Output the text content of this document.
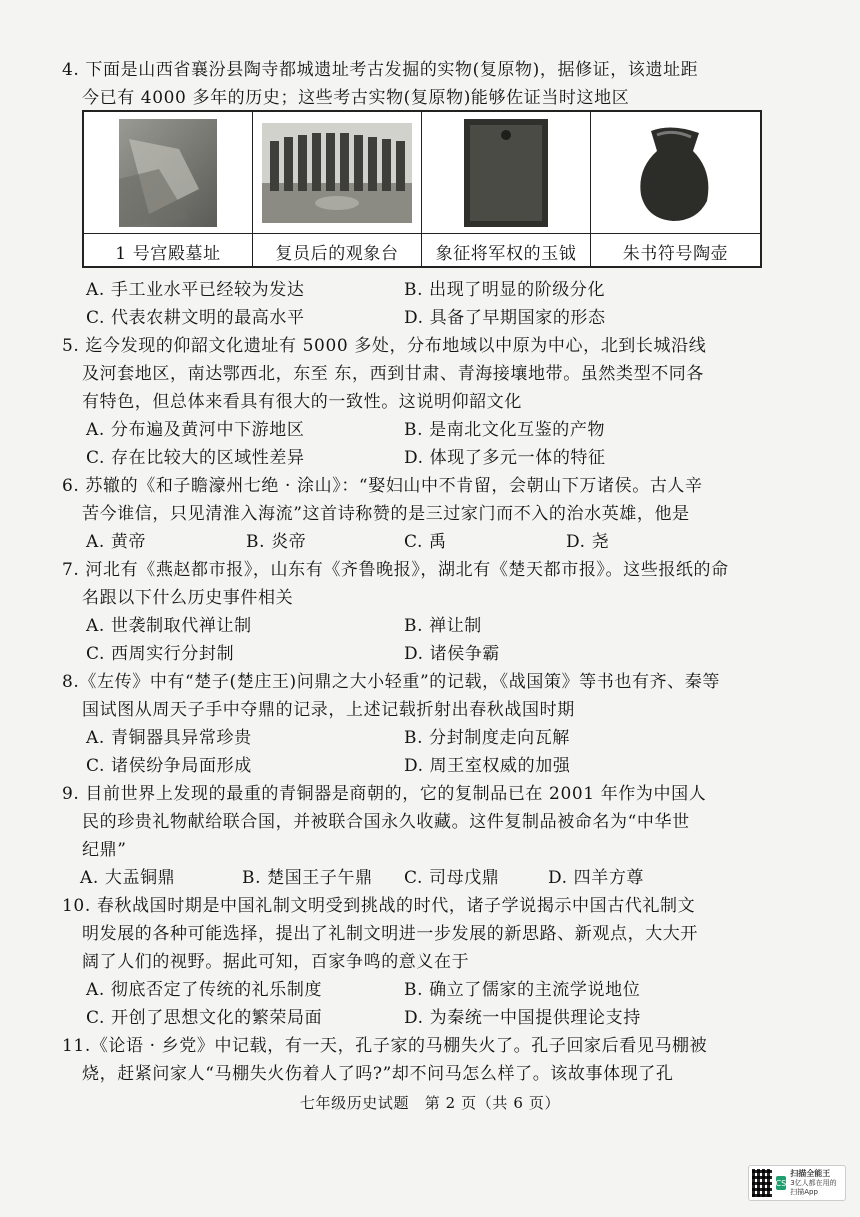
4. 下面是山西省襄汾县陶寺都城遗址考古发掘的实物(复原物)，据修证，该遗址距

今已有 4000 多年的历史；这些考古实物(复原物)能够佐证当时这地区
1 号宫殿墓址	复员后的观象台	象征将军权的玉钺	朱书符号陶壶
A. 手工业水平已经较为发达	B. 出现了明显的阶级分化
C. 代表农耕文明的最高水平	D. 具备了早期国家的形态
5. 迄今发现的仰韶文化遗址有 5000 多处，分布地域以中原为中心，北到长城沿线

及河套地区，南达鄂西北，东至 东，西到甘肃、青海接壤地带。虽然类型不同各
有特色，但总体来看具有很大的一致性。这说明仰韶文化
A. 分布遍及黄河中下游地区	B. 是南北文化互鉴的产物
C. 存在比较大的区域性差异	D. 体现了多元一体的特征
6. 苏辙的《和子瞻濠州七绝 · 涂山》：“娶妇山中不肯留，会朝山下万诸侯。古人辛

苦今谁信，只见清淮入海流”这首诗称赞的是三过家门而不入的治水英雄，他是
A. 黄帝	B. 炎帝	C. 禹	D. 尧
7. 河北有《燕赵都市报》，山东有《齐鲁晚报》，湖北有《楚天都市报》。这些报纸的命

名跟以下什么历史事件相关
A. 世袭制取代禅让制	B. 禅让制
C. 西周实行分封制	D. 诸侯争霸
8.《左传》中有“楚子(楚庄王)问鼎之大小轻重”的记载，《战国策》等书也有齐、秦等

国试图从周天子手中夺鼎的记录，上述记载折射出春秋战国时期
A. 青铜器具异常珍贵	B. 分封制度走向瓦解
C. 诸侯纷争局面形成	D. 周王室权威的加强
9. 目前世界上发现的最重的青铜器是商朝的，它的复制品已在 2001 年作为中国人

民的珍贵礼物献给联合国，并被联合国永久收藏。这件复制品被命名为“中华世
纪鼎”
A. 大盂铜鼎	B. 楚国王子午鼎 C. 司母戊鼎	D. 四羊方尊
10. 春秋战国时期是中国礼制文明受到挑战的时代，诸子学说揭示中国古代礼制文

明发展的各种可能选择，提出了礼制文明进一步发展的新思路、新观点，大大开
阔了人们的视野。据此可知，百家争鸣的意义在于
A. 彻底否定了传统的礼乐制度	B. 确立了儒家的主流学说地位
C. 开创了思想文化的繁荣局面	D. 为秦统一中国提供理论支持
11.《论语 · 乡党》中记载，有一天，孔子家的马棚失火了。孔子回家后看见马棚被

烧，赶紧问家人“马棚失火伤着人了吗?”却不问马怎么样了。该故事体现了孔
七年级历史试题　第 2 页（共 6 页）
CS
扫描全能王
3亿人都在用的扫描App
